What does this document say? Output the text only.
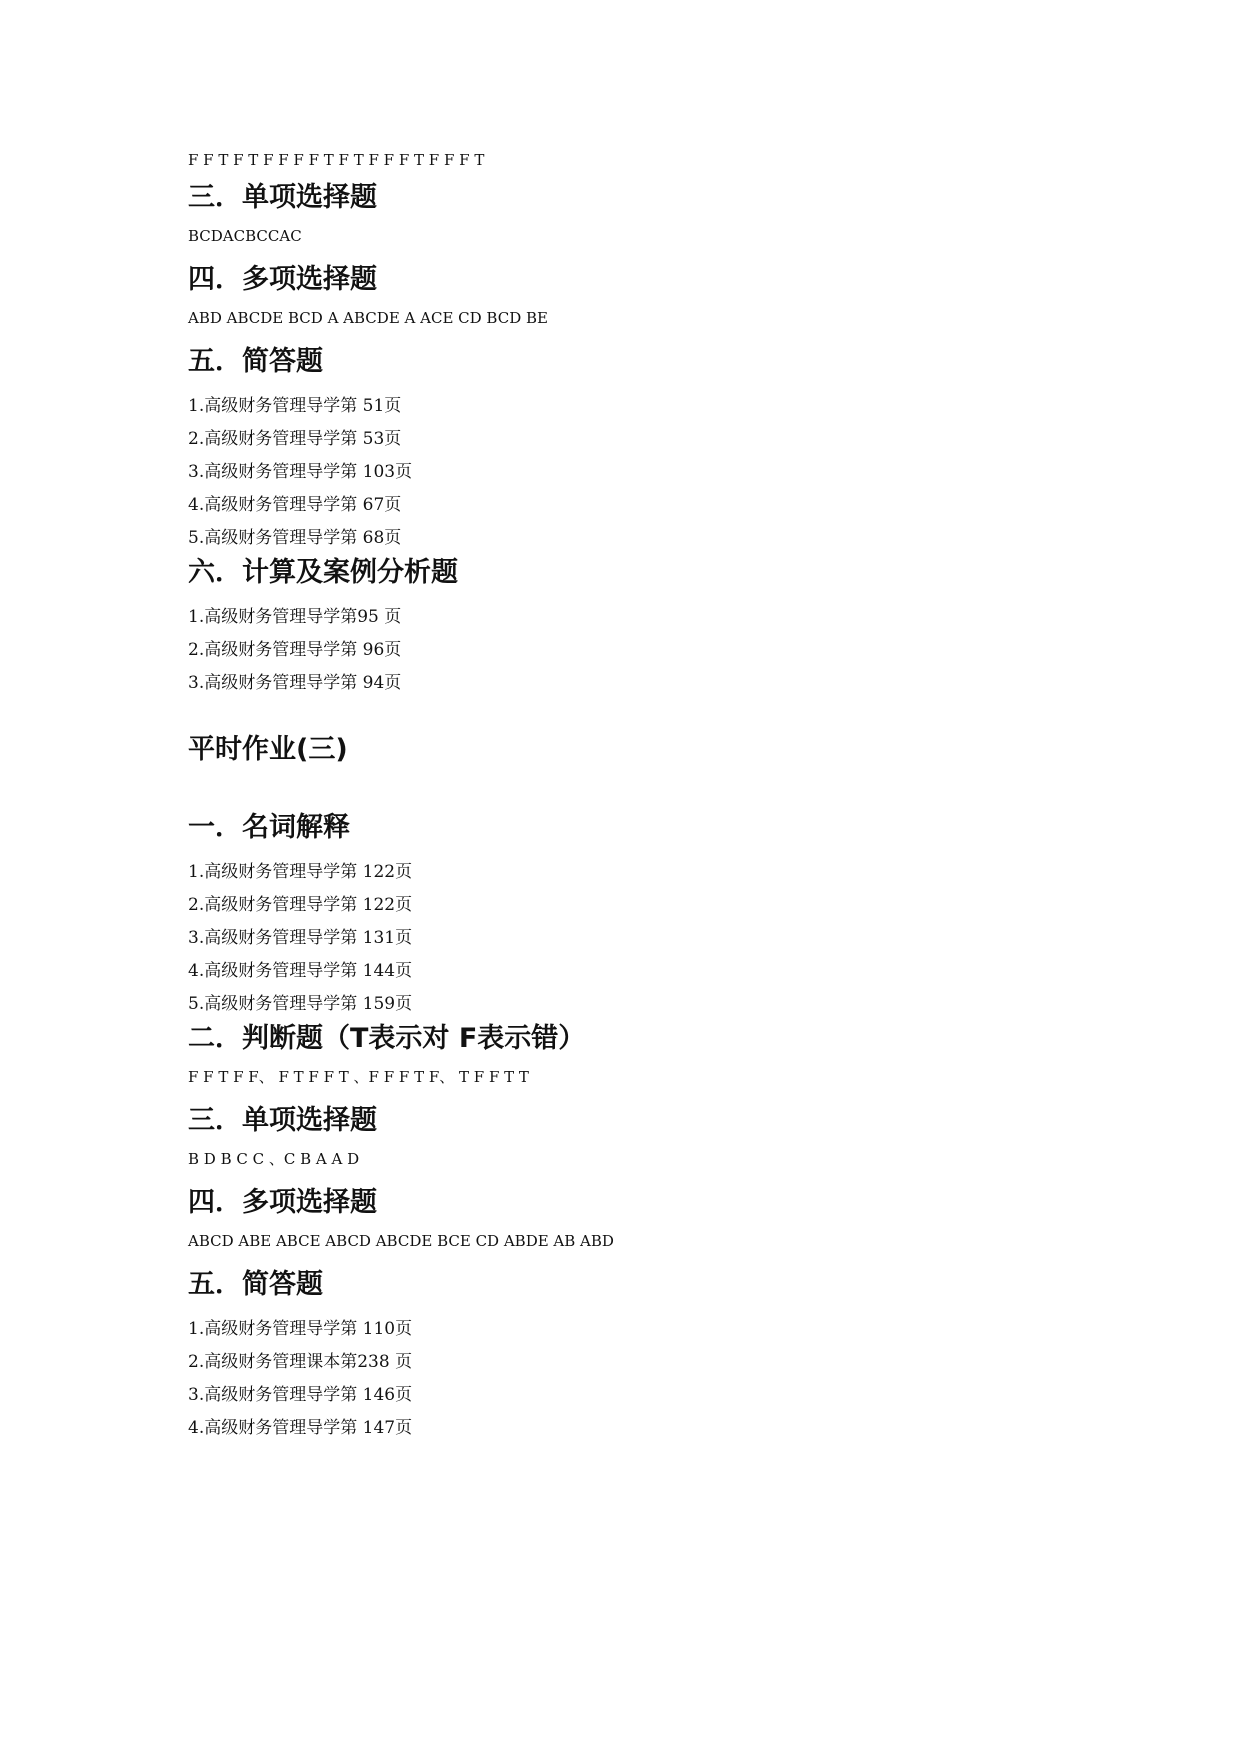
F F T F T F F F F T F T F F F T F F F T

三．单项选择题

BCDACBCCAC

四．多项选择题

ABD ABCDE BCD A ABCDE A ACE CD BCD BE

五．简答题
1.高级财务管理导学第 51页
2.高级财务管理导学第 53页
3.高级财务管理导学第 103页
4.高级财务管理导学第 67页
5.高级财务管理导学第 68页
六．计算及案例分析题
1.高级财务管理导学第95 页
2.高级财务管理导学第 96页
3.高级财务管理导学第 94页
平时作业(三)
一．名词解释
1.高级财务管理导学第 122页
2.高级财务管理导学第 122页
3.高级财务管理导学第 131页
4.高级财务管理导学第 144页
5.高级财务管理导学第 159页
二．判断题（T表示对 F表示错）

F F T F F、 F T F F T 、F F F T F、 T F F T T

三．单项选择题

B D B C C 、C B A A D

四．多项选择题

ABCD ABE ABCE ABCD ABCDE BCE CD ABDE AB ABD

五．简答题
1.高级财务管理导学第 110页
2.高级财务管理课本第238 页
3.高级财务管理导学第 146页
4.高级财务管理导学第 147页
